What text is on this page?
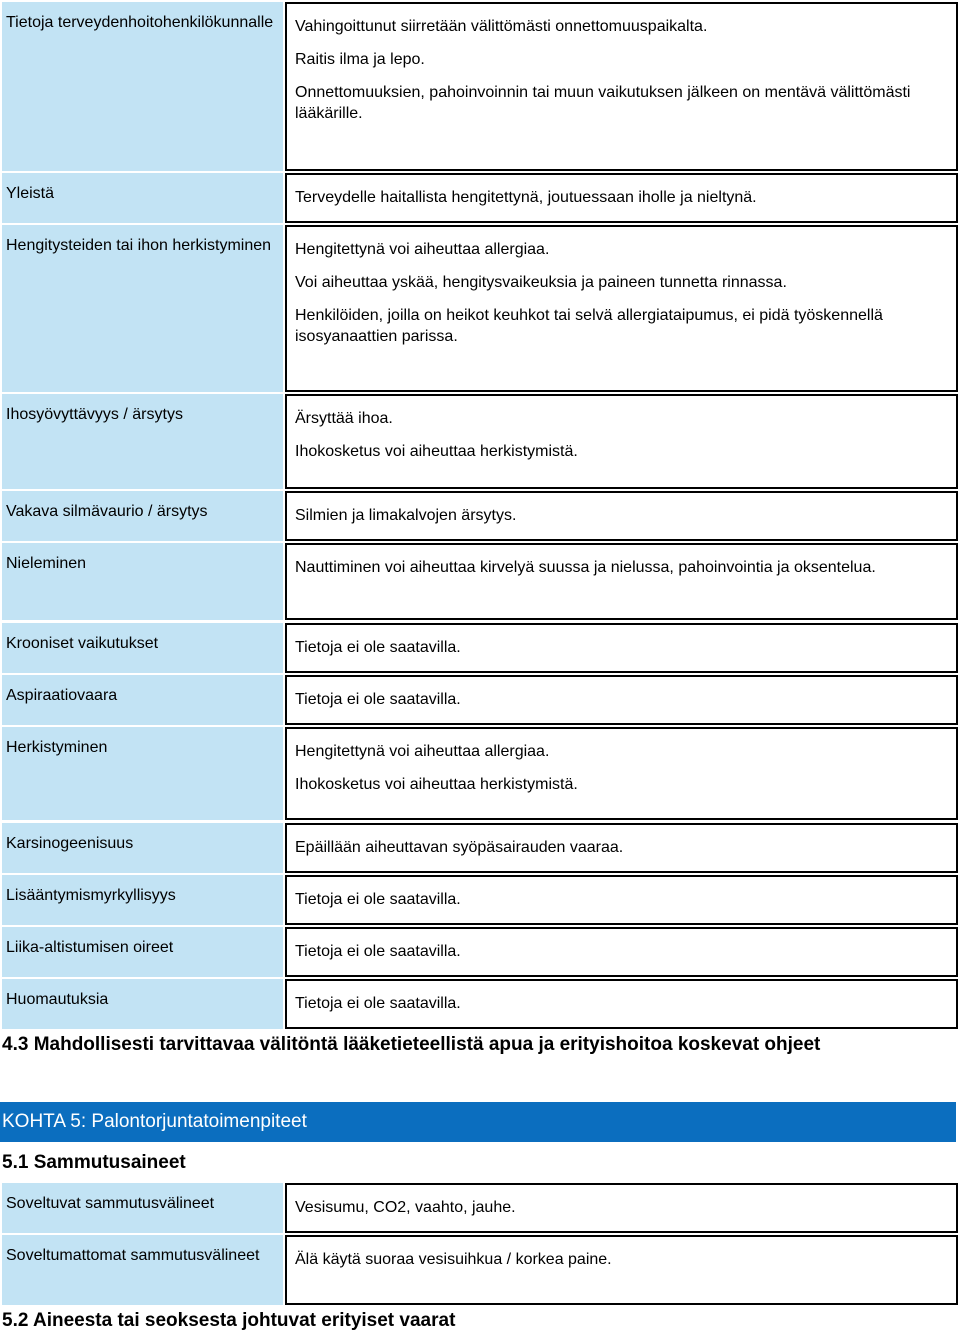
Tietoja terveydenhoitohenkilökunnalle	Vahingoittunut siirretään välittömästi onnettomuuspaikalta.

Raitis ilma ja lepo.

Onnettomuuksien, pahoinvoinnin tai muun vaikutuksen jälkeen on mentävä välittömästi lääkärille.

Yleistä	Terveydelle haitallista hengitettynä, joutuessaan iholle ja nieltynä.

Hengitysteiden tai ihon herkistyminen	Hengitettynä voi aiheuttaa allergiaa.

Voi aiheuttaa yskää, hengitysvaikeuksia ja paineen tunnetta rinnassa.

Henkilöiden, joilla on heikot keuhkot tai selvä allergiataipumus, ei pidä työskennellä isosyanaattien parissa.

Ihosyövyttävyys / ärsytys	Ärsyttää ihoa.

Ihokosketus voi aiheuttaa herkistymistä.

Vakava silmävaurio / ärsytys	Silmien ja limakalvojen ärsytys.

Nieleminen	Nauttiminen voi aiheuttaa kirvelyä suussa ja nielussa, pahoinvointia ja oksentelua.

Krooniset vaikutukset	Tietoja ei ole saatavilla.

Aspiraatiovaara	Tietoja ei ole saatavilla.

Herkistyminen	Hengitettynä voi aiheuttaa allergiaa.

Ihokosketus voi aiheuttaa herkistymistä.

Karsinogeenisuus	Epäillään aiheuttavan syöpäsairauden vaaraa.

Lisääntymismyrkyllisyys	Tietoja ei ole saatavilla.

Liika-altistumisen oireet	Tietoja ei ole saatavilla.

Huomautuksia	Tietoja ei ole saatavilla.

4.3 Mahdollisesti tarvittavaa välitöntä lääketieteellistä apua ja erityishoitoa koskevat ohjeet
KOHTA 5: Palontorjuntatoimenpiteet
5.1 Sammutusaineet
Soveltuvat sammutusvälineet	Vesisumu, CO2, vaahto, jauhe.

Soveltumattomat sammutusvälineet	Älä käytä suoraa vesisuihkua / korkea paine.

5.2 Aineesta tai seoksesta johtuvat erityiset vaarat
